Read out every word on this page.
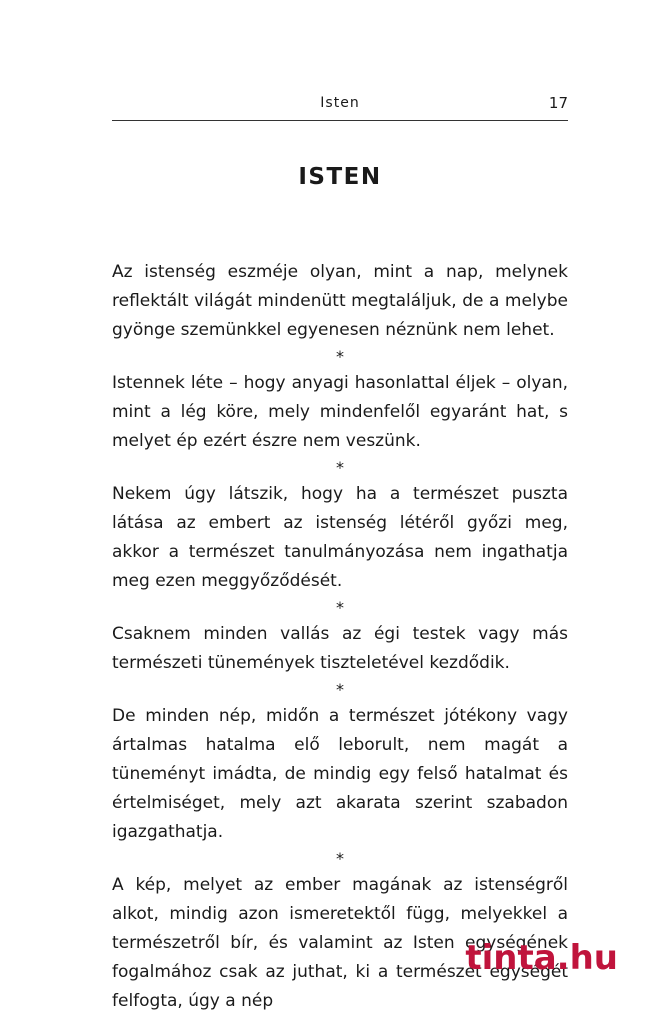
Isten	17
ISTEN

Az istenség eszméje olyan, mint a nap, melynek reflektált világát mindenütt megtaláljuk, de a melybe gyönge szemünkkel egyenesen néznünk nem lehet.

*

Istennek léte – hogy anyagi hasonlattal éljek – olyan, mint a lég köre, mely mindenfelől egyaránt hat, s melyet ép ezért észre nem veszünk.

*

Nekem úgy látszik, hogy ha a természet puszta látása az embert az istenség létéről győzi meg, akkor a természet tanulmányozása nem ingathatja meg ezen meggyőződését.

*

Csaknem minden vallás az égi testek vagy más természeti tünemények tiszteletével kezdődik.

*

De minden nép, midőn a természet jótékony vagy ártalmas hatalma elő leborult, nem magát a tüneményt imádta, de mindig egy felső hatalmat és értelmiséget, mely azt akarata szerint szabadon igazgathatja.

*

A kép, melyet az ember magának az istenségről alkot, mindig azon ismeretektől függ, melyekkel a természetről bír, és valamint az Isten egységének fogalmához csak az juthat, ki a természet egységét felfogta, úgy a nép

tinta.hu
